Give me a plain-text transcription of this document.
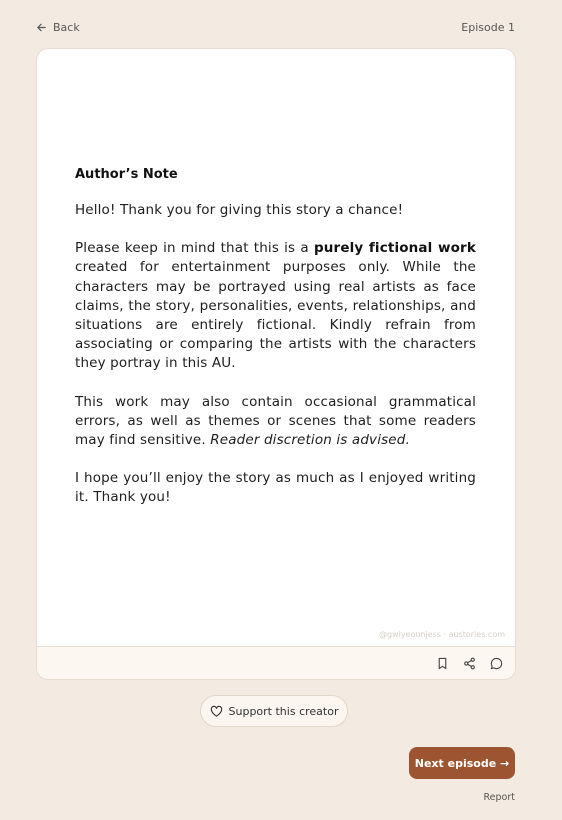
Back	Episode 1
Author’s Note

Hello! Thank you for giving this story a chance!

Please keep in mind that this is a purely fictional work created for entertainment purposes only. While the characters may be portrayed using real artists as face claims, the story, personalities, events, relationships, and situations are entirely fictional. Kindly refrain from associating or comparing the artists with the characters they portray in this AU.

This work may also contain occasional grammatical errors, as well as themes or scenes that some readers may find sensitive. Reader discretion is advised.

I hope you’ll enjoy the story as much as I enjoyed writing it. Thank you!

@gwiyeounjess · austories.com
Support this creator
Next episode →
Report
